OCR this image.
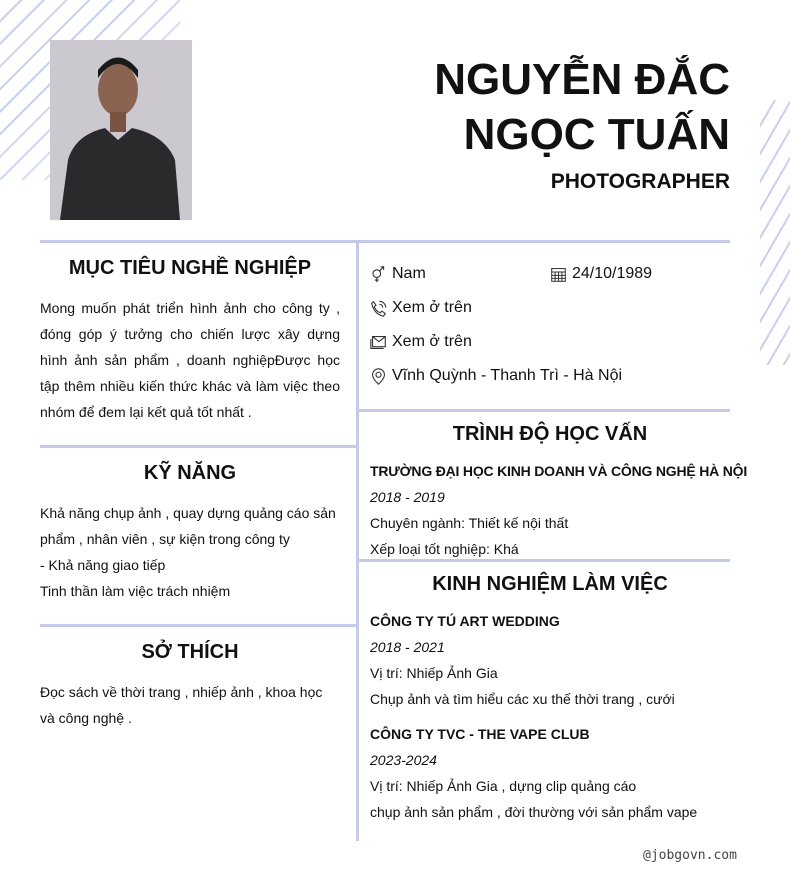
NGUYỄN ĐẮC
NGỌC TUẤN
PHOTOGRAPHER
MỤC TIÊU NGHỀ NGHIỆP
Mong muốn phát triển hình ảnh cho công ty , đóng góp ý tưởng cho chiến lược xây dựng hình ảnh sản phẩm , doanh nghiệpĐược học tập thêm nhiều kiến thức khác và làm việc theo nhóm để đem lại kết quả tốt nhất .
KỸ NĂNG
Khả năng chụp ảnh , quay dựng quảng cáo sản phẩm , nhân viên , sự kiện trong công ty
- Khả năng giao tiếp
Tinh thần làm việc trách nhiệm
SỞ THÍCH
Đọc sách về thời trang , nhiếp ảnh , khoa học và công nghệ .
Nam	24/10/1989
Xem ở trên
Xem ở trên
Vĩnh Quỳnh - Thanh Trì - Hà Nội
TRÌNH ĐỘ HỌC VẤN
TRƯỜNG ĐẠI HỌC KINH DOANH VÀ CÔNG NGHỆ HÀ NỘI
2018 - 2019
Chuyên ngành: Thiết kế nội thất
Xếp loại tốt nghiệp: Khá
KINH NGHIỆM LÀM VIỆC
CÔNG TY TÚ ART WEDDING
2018 - 2021
Vị trí: Nhiếp Ảnh Gia
Chụp ảnh và tìm hiểu các xu thế thời trang , cưới
CÔNG TY TVC - THE VAPE CLUB
2023-2024
Vị trí: Nhiếp Ảnh Gia , dựng clip quảng cáo
chụp ảnh sản phẩm , đời thường với sản phẩm vape
@jobgovn.com
